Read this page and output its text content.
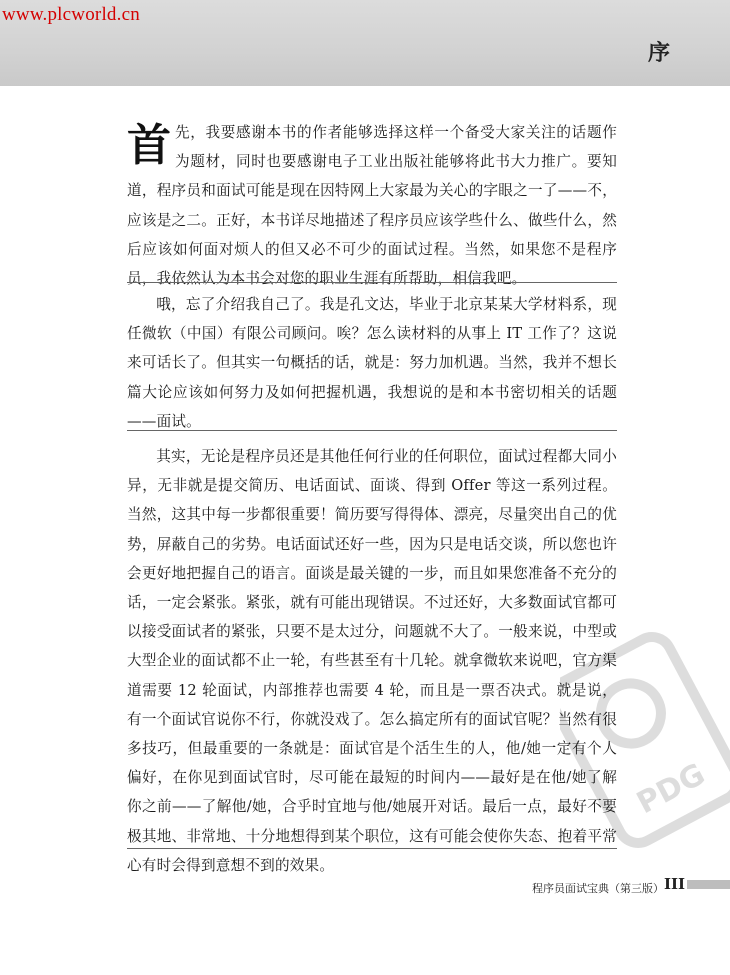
www.plcworld.cn
序

首 先，我要感谢本书的作者能够选择这样一个备受大家关注的话题作为题材，同时也要感谢电子工业出版社能够将此书大力推广。要知道，程序员和面试可能是现在因特网上大家最为关心的字眼之一了——不，应该是之二。正好，本书详尽地描述了程序员应该学些什么、做些什么，然后应该如何面对烦人的但又必不可少的面试过程。当然，如果您不是程序员，我依然认为本书会对您的职业生涯有所帮助，相信我吧。

哦，忘了介绍我自己了。我是孔文达，毕业于北京某某大学材料系，现任微软（中国）有限公司顾问。唉？怎么读材料的从事上 IT 工作了？这说来可话长了。但其实一句概括的话，就是：努力加机遇。当然，我并不想长篇大论应该如何努力及如何把握机遇，我想说的是和本书密切相关的话题——面试。

其实，无论是程序员还是其他任何行业的任何职位，面试过程都大同小异，无非就是提交简历、电话面试、面谈、得到 Offer 等这一系列过程。当然，这其中每一步都很重要！简历要写得得体、漂亮，尽量突出自己的优势，屏蔽自己的劣势。电话面试还好一些，因为只是电话交谈，所以您也许会更好地把握自己的语言。面谈是最关键的一步，而且如果您准备不充分的话，一定会紧张。紧张，就有可能出现错误。不过还好，大多数面试官都可以接受面试者的紧张，只要不是太过分，问题就不大了。一般来说，中型或大型企业的面试都不止一轮，有些甚至有十几轮。就拿微软来说吧，官方渠道需要 12 轮面试，内部推荐也需要 4 轮，而且是一票否决式。就是说，有一个面试官说你不行，你就没戏了。怎么搞定所有的面试官呢？当然有很多技巧，但最重要的一条就是：面试官是个活生生的人，他/她一定有个人偏好，在你见到面试官时，尽可能在最短的时间内——最好是在他/她了解你之前——了解他/她，合乎时宜地与他/她展开对话。最后一点，最好不要极其地、非常地、十分地想得到某个职位，这有可能会使你失态、抱着平常心有时会得到意想不到的效果。

PDG
程序员面试宝典（第三版） III
